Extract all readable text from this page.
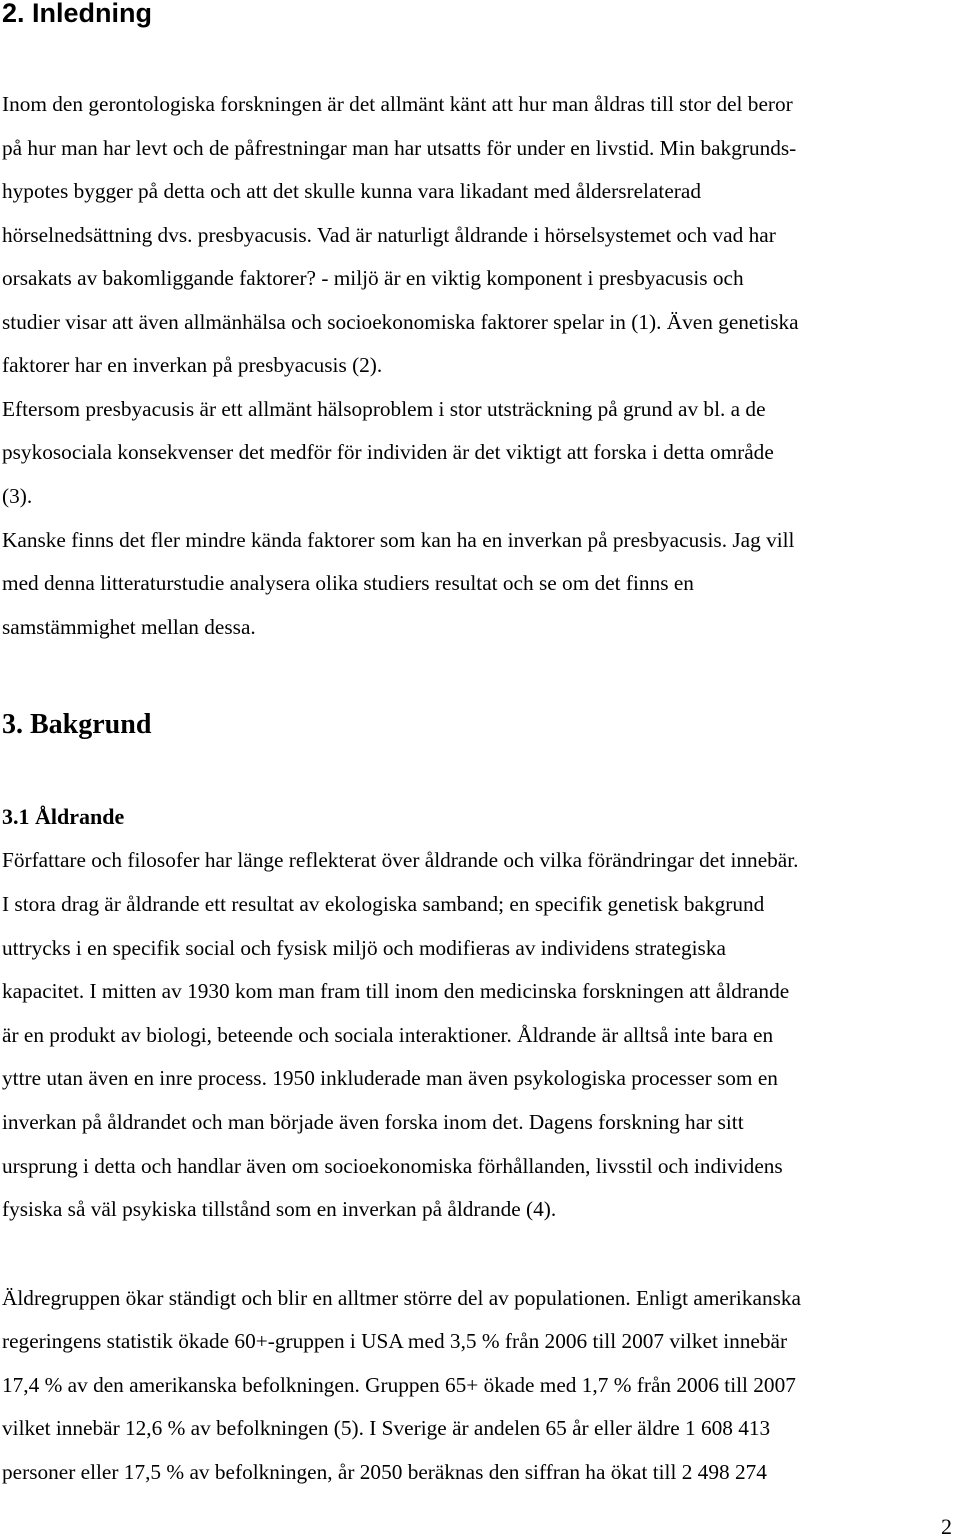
2. Inledning
Inom den gerontologiska forskningen är det allmänt känt att hur man åldras till stor del beror
på hur man har levt och de påfrestningar man har utsatts för under en livstid. Min bakgrunds-
hypotes bygger på detta och att det skulle kunna vara likadant med åldersrelaterad
hörselnedsättning dvs. presbyacusis. Vad är naturligt åldrande i hörselsystemet och vad har
orsakats av bakomliggande faktorer? - miljö är en viktig komponent i presbyacusis och
studier visar att även allmänhälsa och socioekonomiska faktorer spelar in (1). Även genetiska
faktorer har en inverkan på presbyacusis (2).
Eftersom presbyacusis är ett allmänt hälsoproblem i stor utsträckning på grund av bl. a de
psykosociala konsekvenser det medför för individen är det viktigt att forska i detta område
(3).
Kanske finns det fler mindre kända faktorer som kan ha en inverkan på presbyacusis. Jag vill
med denna litteraturstudie analysera olika studiers resultat och se om det finns en
samstämmighet mellan dessa.
3. Bakgrund
3.1 Åldrande
Författare och filosofer har länge reflekterat över åldrande och vilka förändringar det innebär.
I stora drag är åldrande ett resultat av ekologiska samband; en specifik genetisk bakgrund
uttrycks i en specifik social och fysisk miljö och modifieras av individens strategiska
kapacitet. I mitten av 1930 kom man fram till inom den medicinska forskningen att åldrande
är en produkt av biologi, beteende och sociala interaktioner. Åldrande är alltså inte bara en
yttre utan även en inre process. 1950 inkluderade man även psykologiska processer som en
inverkan på åldrandet och man började även forska inom det. Dagens forskning har sitt
ursprung i detta och handlar även om socioekonomiska förhållanden, livsstil och individens
fysiska så väl psykiska tillstånd som en inverkan på åldrande (4).
Äldregruppen ökar ständigt och blir en alltmer större del av populationen. Enligt amerikanska
regeringens statistik ökade 60+-gruppen i USA med 3,5 % från 2006 till 2007 vilket innebär
17,4 % av den amerikanska befolkningen. Gruppen 65+ ökade med 1,7 % från 2006 till 2007
vilket innebär 12,6 % av befolkningen (5). I Sverige är andelen 65 år eller äldre 1 608 413
personer eller 17,5 % av befolkningen, år 2050 beräknas den siffran ha ökat till 2 498 274
2
